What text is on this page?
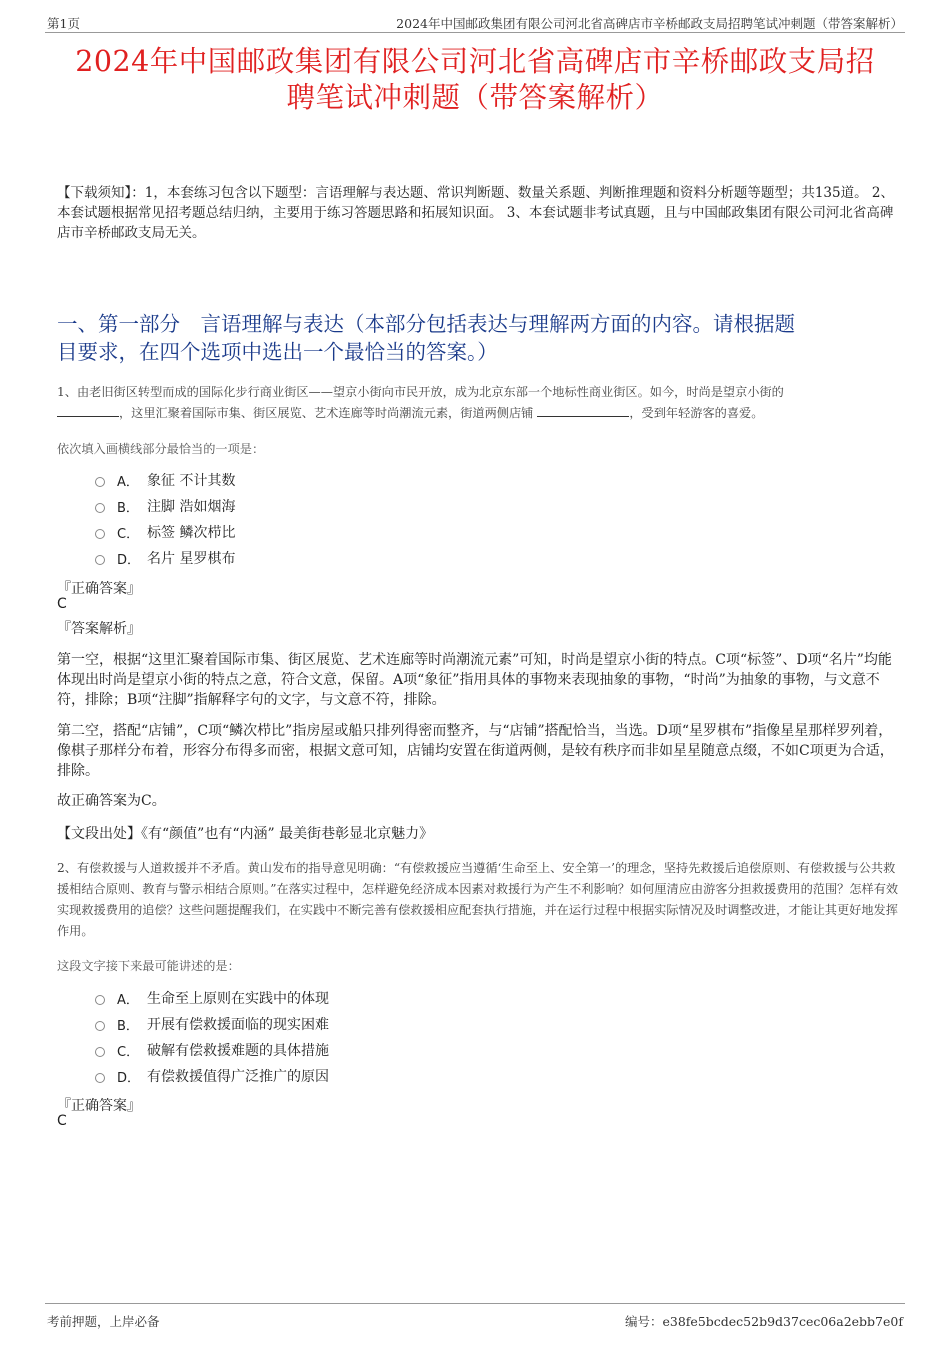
第1页	2024年中国邮政集团有限公司河北省高碑店市辛桥邮政支局招聘笔试冲刺题（带答案解析）
2024年中国邮政集团有限公司河北省高碑店市辛桥邮政支局招
聘笔试冲刺题（带答案解析）
【下载须知】：1，本套练习包含以下题型：言语理解与表达题、常识判断题、数量关系题、判断推理题和资料分析题等题型；共135道。 2、本套试题根据常见招考题总结归纳，主要用于练习答题思路和拓展知识面。 3、本套试题非考试真题，且与中国邮政集团有限公司河北省高碑店市辛桥邮政支局无关。
一、第一部分　言语理解与表达（本部分包括表达与理解两方面的内容。请根据题
目要求，在四个选项中选出一个最恰当的答案。）
1、由老旧街区转型而成的国际化步行商业街区——望京小街向市民开放，成为北京东部一个地标性商业街区。如今，时尚是望京小街的
，这里汇聚着国际市集、街区展览、艺术连廊等时尚潮流元素，街道两侧店铺	，受到年轻游客的喜爱。
依次填入画横线部分最恰当的一项是：
A． 象征 不计其数
B． 注脚 浩如烟海
C． 标签 鳞次栉比
D． 名片 星罗棋布
『正确答案』
C
『答案解析』
第一空，根据“这里汇聚着国际市集、街区展览、艺术连廊等时尚潮流元素”可知，时尚是望京小街的特点。C项“标签”、D项“名片”均能体现出时尚是望京小街的特点之意，符合文意，保留。A项“象征”指用具体的事物来表现抽象的事物，“时尚”为抽象的事物，与文意不符，排除；B项“注脚”指解释字句的文字，与文意不符，排除。
第二空，搭配“店铺”，C项“鳞次栉比”指房屋或船只排列得密而整齐，与“店铺”搭配恰当，当选。D项“星罗棋布”指像星星那样罗列着，像棋子那样分布着，形容分布得多而密，根据文意可知，店铺均安置在街道两侧，是较有秩序而非如星星随意点缀，不如C项更为合适，排除。
故正确答案为C。
【文段出处】《有“颜值”也有“内涵” 最美街巷彰显北京魅力》
2、有偿救援与人道救援并不矛盾。黄山发布的指导意见明确：“有偿救援应当遵循‘生命至上、安全第一’的理念，坚持先救援后追偿原则、有偿救援与公共救援相结合原则、教育与警示相结合原则。”在落实过程中，怎样避免经济成本因素对救援行为产生不利影响？如何厘清应由游客分担救援费用的范围？怎样有效实现救援费用的追偿？这些问题提醒我们，在实践中不断完善有偿救援相应配套执行措施，并在运行过程中根据实际情况及时调整改进，才能让其更好地发挥作用。
这段文字接下来最可能讲述的是：
A． 生命至上原则在实践中的体现
B． 开展有偿救援面临的现实困难
C． 破解有偿救援难题的具体措施
D． 有偿救援值得广泛推广的原因
『正确答案』
C
考前押题，上岸必备	编号：e38fe5bcdec52b9d37cec06a2ebb7e0f
